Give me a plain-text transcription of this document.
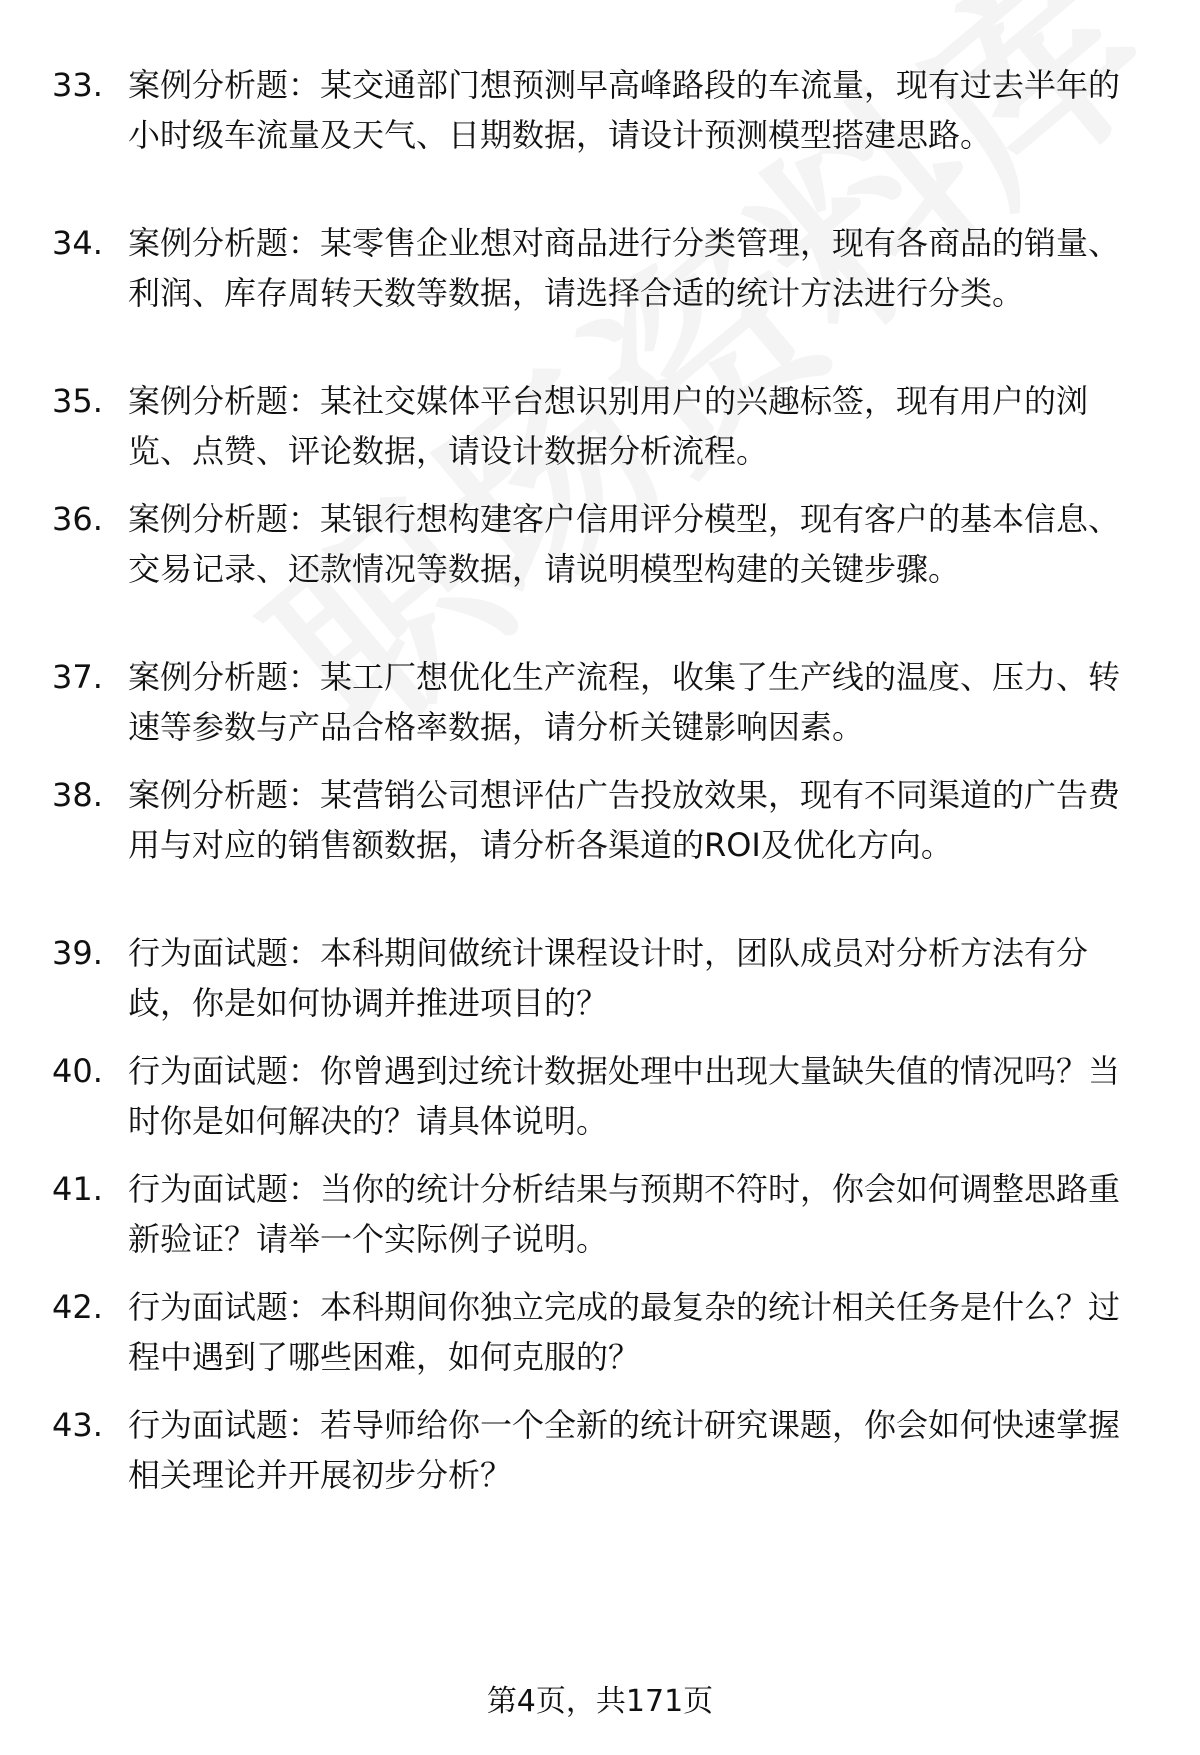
33. 案例分析题：某交通部门想预测早高峰路段的车流量，现有过去半年的小时级车流量及天气、日期数据，请设计预测模型搭建思路。
34. 案例分析题：某零售企业想对商品进行分类管理，现有各商品的销量、利润、库存周转天数等数据，请选择合适的统计方法进行分类。
35. 案例分析题：某社交媒体平台想识别用户的兴趣标签，现有用户的浏览、点赞、评论数据，请设计数据分析流程。
36. 案例分析题：某银行想构建客户信用评分模型，现有客户的基本信息、交易记录、还款情况等数据，请说明模型构建的关键步骤。
37. 案例分析题：某工厂想优化生产流程，收集了生产线的温度、压力、转速等参数与产品合格率数据，请分析关键影响因素。
38. 案例分析题：某营销公司想评估广告投放效果，现有不同渠道的广告费用与对应的销售额数据，请分析各渠道的ROI及优化方向。
39. 行为面试题：本科期间做统计课程设计时，团队成员对分析方法有分歧，你是如何协调并推进项目的？
40. 行为面试题：你曾遇到过统计数据处理中出现大量缺失值的情况吗？当时你是如何解决的？请具体说明。
41. 行为面试题：当你的统计分析结果与预期不符时，你会如何调整思路重新验证？请举一个实际例子说明。
42. 行为面试题：本科期间你独立完成的最复杂的统计相关任务是什么？过程中遇到了哪些困难，如何克服的？
43. 行为面试题：若导师给你一个全新的统计研究课题，你会如何快速掌握相关理论并开展初步分析？
第4页，共171页
